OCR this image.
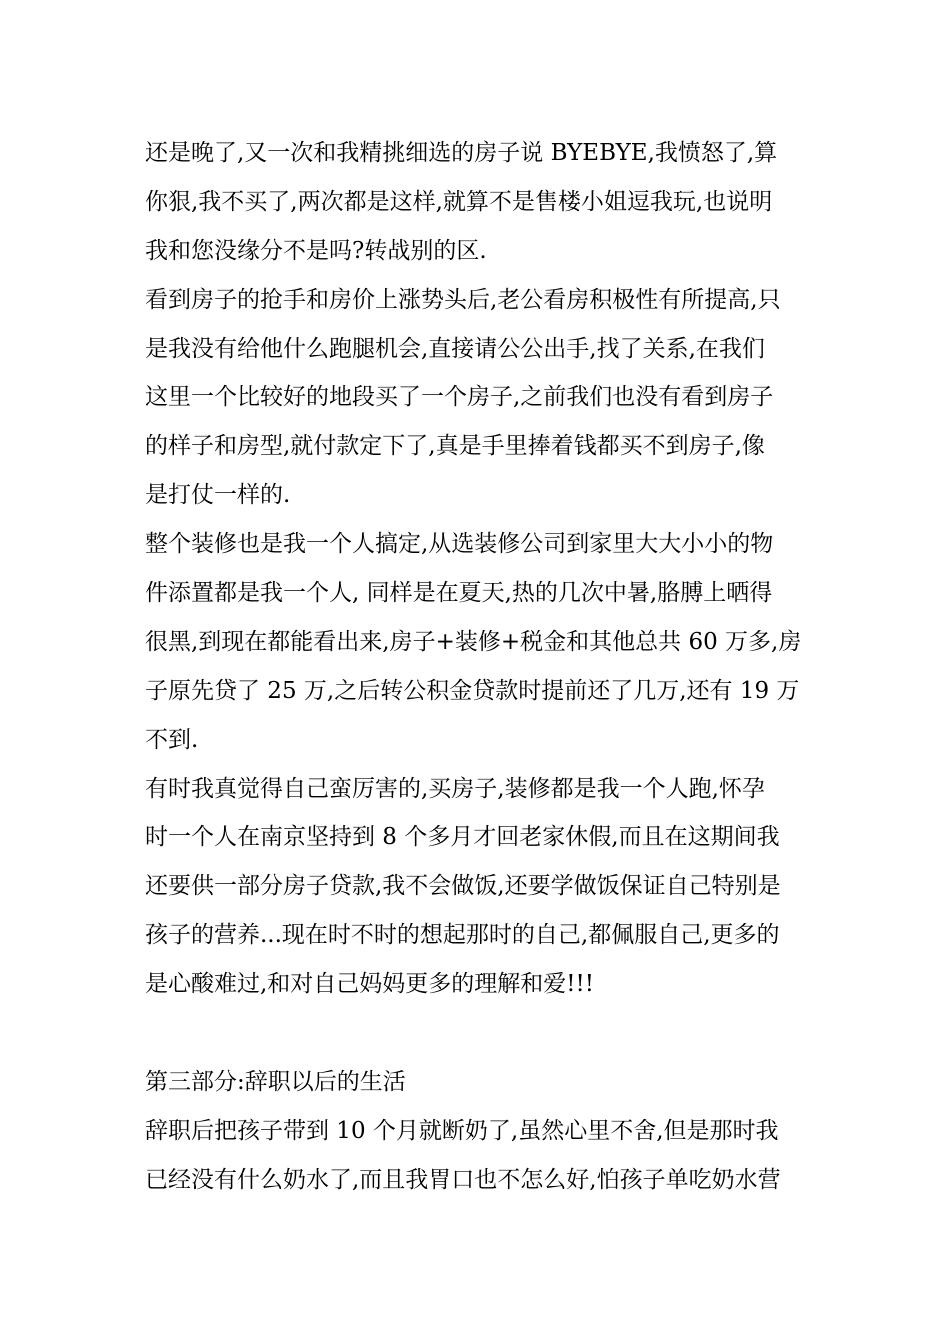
还是晚了,又一次和我精挑细选的房子说 BYEBYE,我愤怒了,算
你狠,我不买了,两次都是这样,就算不是售楼小姐逗我玩,也说明
我和您没缘分不是吗?转战别的区.
看到房子的抢手和房价上涨势头后,老公看房积极性有所提高,只
是我没有给他什么跑腿机会,直接请公公出手,找了关系,在我们
这里一个比较好的地段买了一个房子,之前我们也没有看到房子
的样子和房型,就付款定下了,真是手里捧着钱都买不到房子,像
是打仗一样的.
整个装修也是我一个人搞定,从选装修公司到家里大大小小的物
件添置都是我一个人, 同样是在夏天,热的几次中暑,胳膊上晒得
很黑,到现在都能看出来,房子+装修+税金和其他总共 60 万多,房
子原先贷了 25 万,之后转公积金贷款时提前还了几万,还有 19 万
不到.
有时我真觉得自己蛮厉害的,买房子,装修都是我一个人跑,怀孕
时一个人在南京坚持到 8 个多月才回老家休假,而且在这期间我
还要供一部分房子贷款,我不会做饭,还要学做饭保证自己特别是
孩子的营养...现在时不时的想起那时的自己,都佩服自己,更多的
是心酸难过,和对自己妈妈更多的理解和爱!!!
第三部分:辞职以后的生活
辞职后把孩子带到 10 个月就断奶了,虽然心里不舍,但是那时我
已经没有什么奶水了,而且我胃口也不怎么好,怕孩子单吃奶水营
